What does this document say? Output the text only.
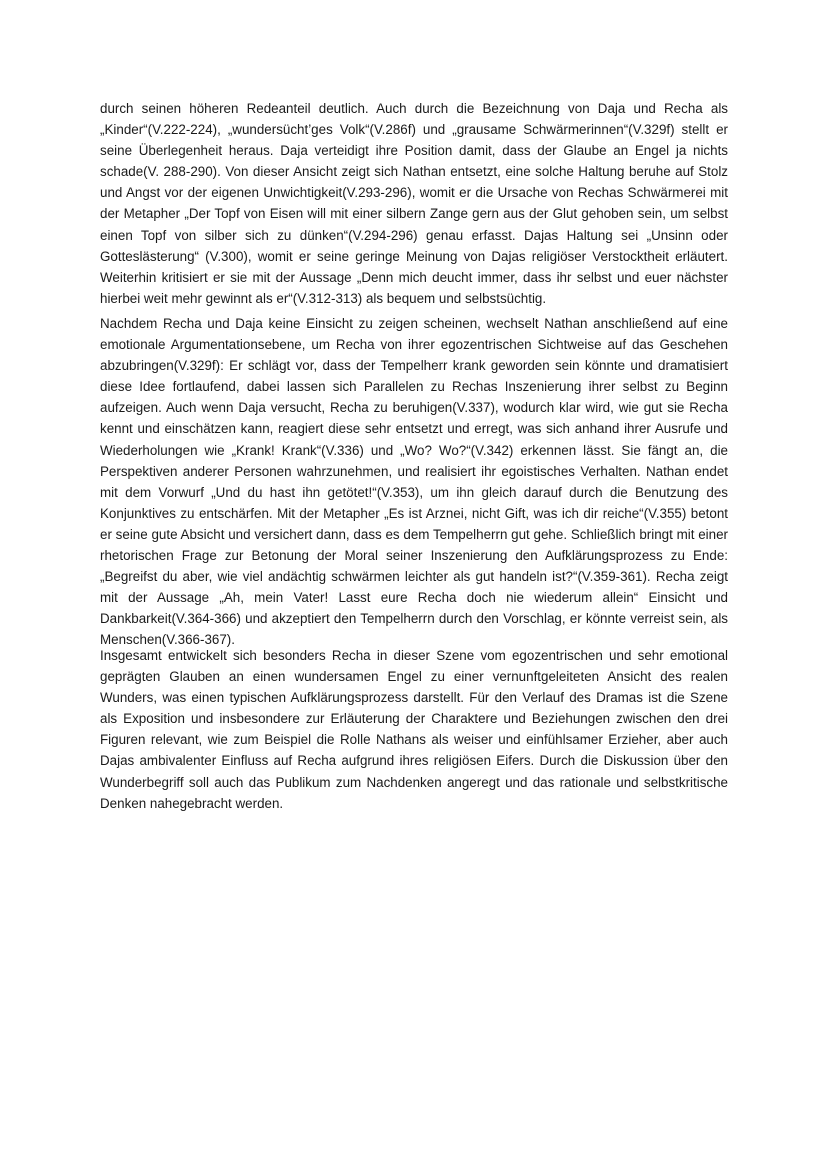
durch seinen höheren Redeanteil deutlich. Auch durch die Bezeichnung von Daja und Recha als „Kinder“(V.222-224), „wundersücht’ges Volk“(V.286f) und „grausame Schwärmerinnen“(V.329f) stellt er seine Überlegenheit heraus. Daja verteidigt ihre Position damit, dass der Glaube an Engel ja nichts schade(V. 288-290). Von dieser Ansicht zeigt sich Nathan entsetzt, eine solche Haltung beruhe auf Stolz und Angst vor der eigenen Unwichtigkeit(V.293-296), womit er die Ursache von Rechas Schwärmerei mit der Metapher „Der Topf von Eisen will mit einer silbern Zange gern aus der Glut gehoben sein, um selbst einen Topf von silber sich zu dünken“(V.294-296) genau erfasst. Dajas Haltung sei „Unsinn oder Gotteslästerung“ (V.300), womit er seine geringe Meinung von Dajas religiöser Verstocktheit erläutert. Weiterhin kritisiert er sie mit der Aussage „Denn mich deucht immer, dass ihr selbst und euer nächster hierbei weit mehr gewinnt als er“(V.312-313) als bequem und selbstsüchtig.

Nachdem Recha und Daja keine Einsicht zu zeigen scheinen, wechselt Nathan anschließend auf eine emotionale Argumentationsebene, um Recha von ihrer egozentrischen Sichtweise auf das Geschehen abzubringen(V.329f): Er schlägt vor, dass der Tempelherr krank geworden sein könnte und dramatisiert diese Idee fortlaufend, dabei lassen sich Parallelen zu Rechas Inszenierung ihrer selbst zu Beginn aufzeigen. Auch wenn Daja versucht, Recha zu beruhigen(V.337), wodurch klar wird, wie gut sie Recha kennt und einschätzen kann, reagiert diese sehr entsetzt und erregt, was sich anhand ihrer Ausrufe und Wiederholungen wie „Krank! Krank“(V.336) und „Wo? Wo?“(V.342) erkennen lässt. Sie fängt an, die Perspektiven anderer Personen wahrzunehmen, und realisiert ihr egoistisches Verhalten. Nathan endet mit dem Vorwurf „Und du hast ihn getötet!“(V.353), um ihn gleich darauf durch die Benutzung des Konjunktives zu entschärfen. Mit der Metapher „Es ist Arznei, nicht Gift, was ich dir reiche“(V.355) betont er seine gute Absicht und versichert dann, dass es dem Tempelherrn gut gehe. Schließlich bringt mit einer rhetorischen Frage zur Betonung der Moral seiner Inszenierung den Aufklärungsprozess zu Ende: „Begreifst du aber, wie viel andächtig schwärmen leichter als gut handeln ist?“(V.359-361). Recha zeigt mit der Aussage „Ah, mein Vater! Lasst eure Recha doch nie wiederum allein“ Einsicht und Dankbarkeit(V.364-366) und akzeptiert den Tempelherrn durch den Vorschlag, er könnte verreist sein, als Menschen(V.366-367).

Insgesamt entwickelt sich besonders Recha in dieser Szene vom egozentrischen und sehr emotional geprägten Glauben an einen wundersamen Engel zu einer vernunftgeleiteten Ansicht des realen Wunders, was einen typischen Aufklärungsprozess darstellt. Für den Verlauf des Dramas ist die Szene als Exposition und insbesondere zur Erläuterung der Charaktere und Beziehungen zwischen den drei Figuren relevant, wie zum Beispiel die Rolle Nathans als weiser und einfühlsamer Erzieher, aber auch Dajas ambivalenter Einfluss auf Recha aufgrund ihres religiösen Eifers. Durch die Diskussion über den Wunderbegriff soll auch das Publikum zum Nachdenken angeregt und das rationale und selbstkritische Denken nahegebracht werden.
